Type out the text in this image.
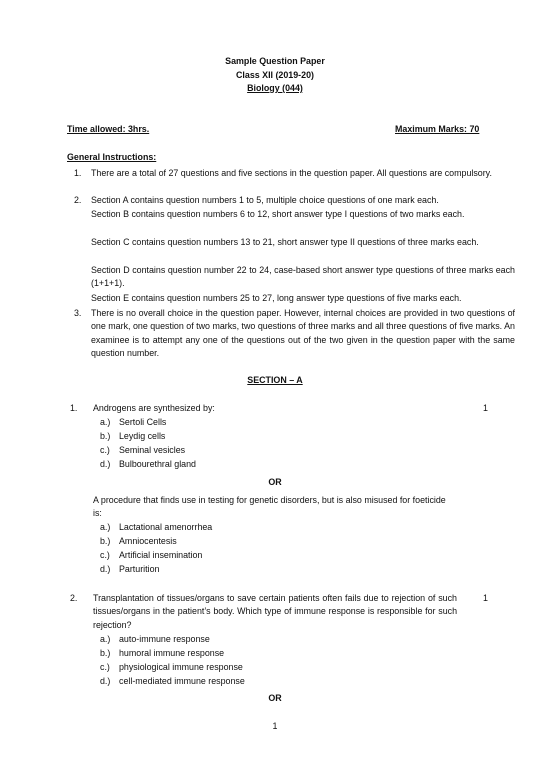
Sample Question Paper
Class XII (2019-20)
Biology (044)
Time allowed: 3hrs.	Maximum Marks: 70
General Instructions:
1. There are a total of 27 questions and five sections in the question paper. All questions are compulsory.
2. Section A contains question numbers 1 to 5, multiple choice questions of one mark each.
Section B contains question numbers 6 to 12, short answer type I questions of two marks each.
Section C contains question numbers 13 to 21, short answer type II questions of three marks each.
Section D contains question number 22 to 24, case-based short answer type questions of three marks each (1+1+1).
Section E contains question numbers 25 to 27, long answer type questions of five marks each.
3. There is no overall choice in the question paper. However, internal choices are provided in two questions of one mark, one question of two marks, two questions of three marks and all three questions of five marks. An examinee is to attempt any one of the questions out of the two given in the question paper with the same question number.
SECTION – A
1. Androgens are synthesized by:	1
a.) Sertoli Cells
b.) Leydig cells
c.) Seminal vesicles
d.) Bulbourethral gland
OR
A procedure that finds use in testing for genetic disorders, but is also misused for foeticide is:
a.) Lactational amenorrhea
b.) Amniocentesis
c.) Artificial insemination
d.) Parturition
2. Transplantation of tissues/organs to save certain patients often fails due to rejection of such tissues/organs in the patient’s body. Which type of immune response is responsible for such rejection?
1
a.) auto-immune response
b.) humoral immune response
c.) physiological immune response
d.) cell-mediated immune response
OR
1
